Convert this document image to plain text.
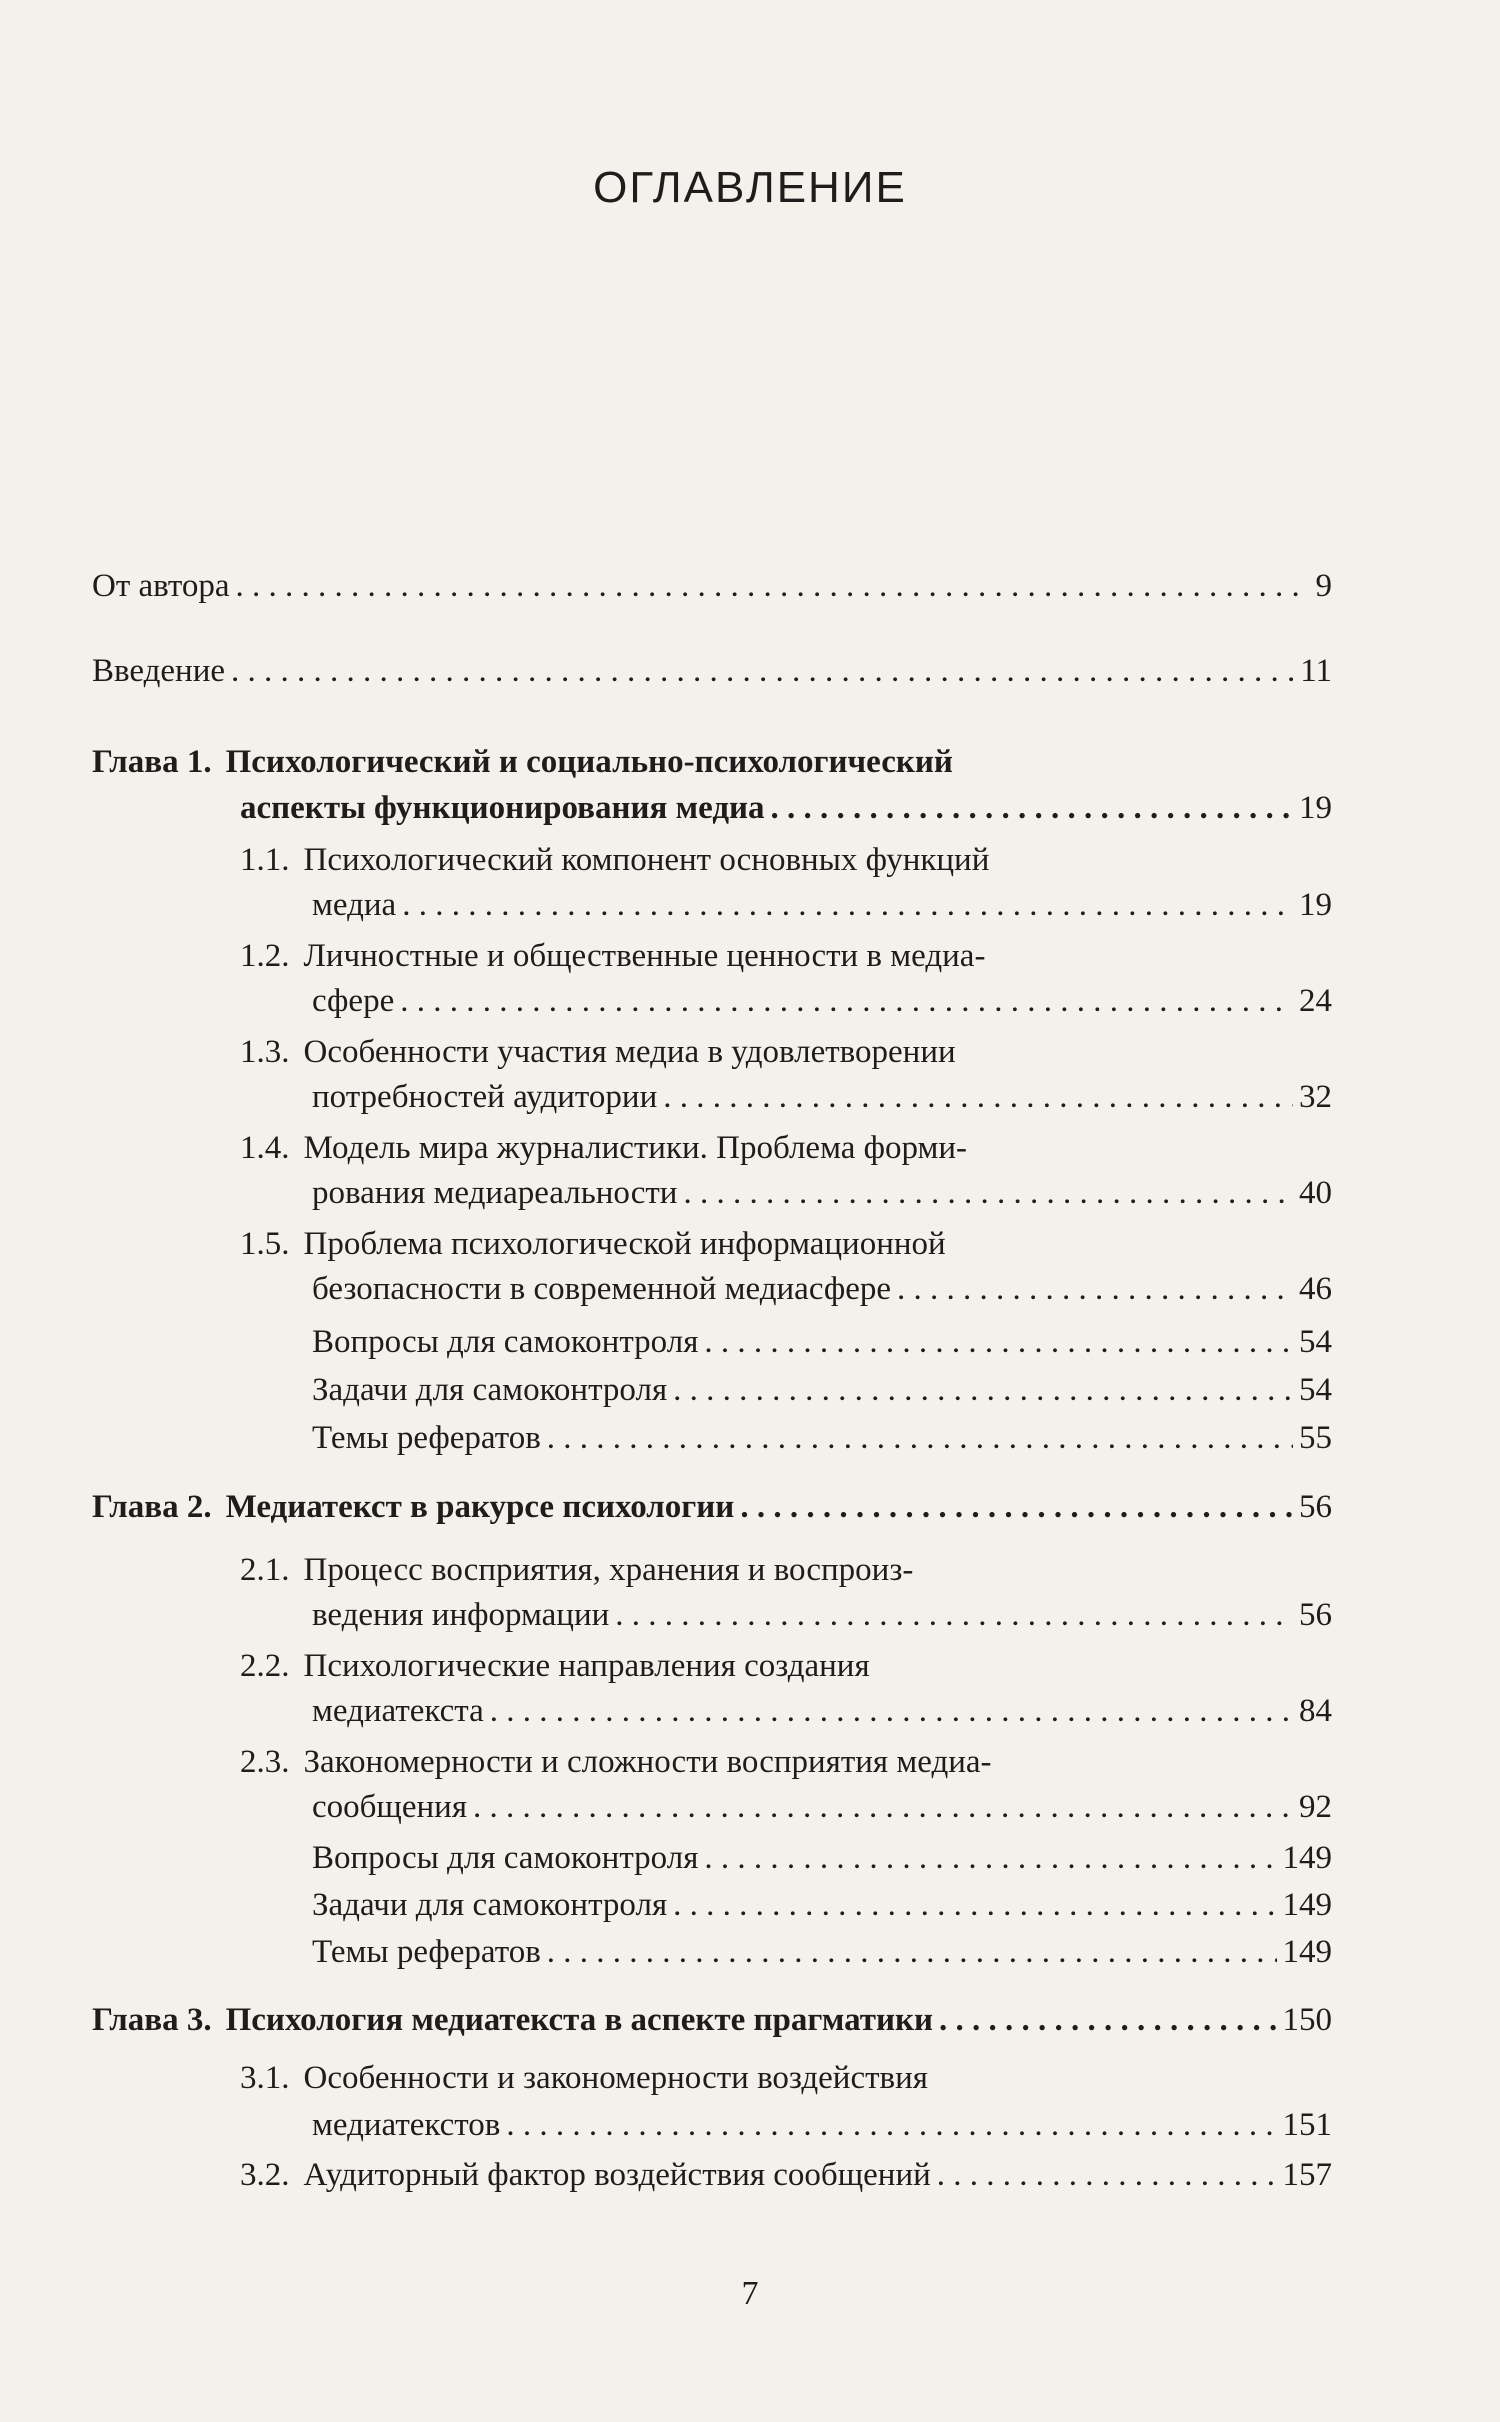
ОГЛАВЛЕНИЕ
От автора . . .	9
Введение . . .	11
Глава 1. Психологический и социально-психологический
аспекты функционирования медиа . . .	19
1.1. Психологический компонент основных функций
медиа . . .	19
1.2. Личностные и общественные ценности в медиа-
сфере . . .	24
1.3. Особенности участия медиа в удовлетворении
потребностей аудитории . . .	32
1.4. Модель мира журналистики. Проблема форми-
рования медиареальности . . .	40
1.5. Проблема психологической информационной
безопасности в современной медиасфере . . .	46
Вопросы для самоконтроля . . .	54
Задачи для самоконтроля . . .	54
Темы рефератов . . .	55
Глава 2. Медиатекст в ракурсе психологии . . .	56
2.1. Процесс восприятия, хранения и воспроиз-
ведения информации . . .	56
2.2. Психологические направления создания
медиатекста . . .	84
2.3. Закономерности и сложности восприятия медиа-
сообщения . . .	92
Вопросы для самоконтроля . . .	149
Задачи для самоконтроля . . .	149
Темы рефератов . . .	149
Глава 3. Психология медиатекста в аспекте прагматики . . .	150
3.1. Особенности и закономерности воздействия
медиатекстов . . .	151
3.2. Аудиторный фактор воздействия сообщений . . .	157
7
